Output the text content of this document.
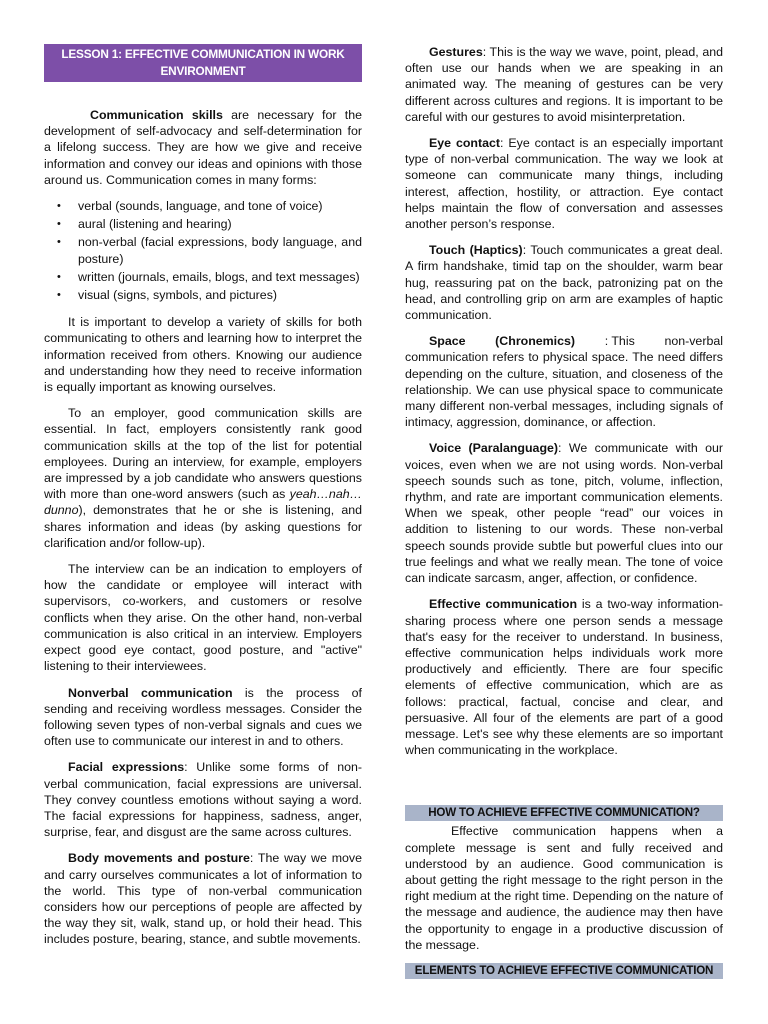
LESSON 1: EFFECTIVE COMMUNICATION IN WORK ENVIRONMENT

Communication skills are necessary for the development of self-advocacy and self-determination for a lifelong success. They are how we give and receive information and convey our ideas and opinions with those around us. Communication comes in many forms:

• verbal (sounds, language, and tone of voice)
• aural (listening and hearing)
• non-verbal (facial expressions, body language, and posture)
• written (journals, emails, blogs, and text messages)
• visual (signs, symbols, and pictures)

It is important to develop a variety of skills for both communicating to others and learning how to interpret the information received from others. Knowing our audience and understanding how they need to receive information is equally important as knowing ourselves.

To an employer, good communication skills are essential. In fact, employers consistently rank good communication skills at the top of the list for potential employees. During an interview, for example, employers are impressed by a job candidate who answers questions with more than one-word answers (such as yeah…nah…dunno), demonstrates that he or she is listening, and shares information and ideas (by asking questions for clarification and/or follow-up).

The interview can be an indication to employers of how the candidate or employee will interact with supervisors, co-workers, and customers or resolve conflicts when they arise. On the other hand, non-verbal communication is also critical in an interview. Employers expect good eye contact, good posture, and "active" listening to their interviewees.

Nonverbal communication is the process of sending and receiving wordless messages. Consider the following seven types of non-verbal signals and cues we often use to communicate our interest in and to others.

Facial expressions: Unlike some forms of non-verbal communication, facial expressions are universal. They convey countless emotions without saying a word. The facial expressions for happiness, sadness, anger, surprise, fear, and disgust are the same across cultures.

Body movements and posture: The way we move and carry ourselves communicates a lot of information to the world. This type of non-verbal communication considers how our perceptions of people are affected by the way they sit, walk, stand up, or hold their head. This includes posture, bearing, stance, and subtle movements.

Gestures: This is the way we wave, point, plead, and often use our hands when we are speaking in an animated way. The meaning of gestures can be very different across cultures and regions. It is important to be careful with our gestures to avoid misinterpretation.

Eye contact: Eye contact is an especially important type of non-verbal communication. The way we look at someone can communicate many things, including interest, affection, hostility, or attraction. Eye contact helps maintain the flow of conversation and assesses another person’s response.

Touch (Haptics): Touch communicates a great deal. A firm handshake, timid tap on the shoulder, warm bear hug, reassuring pat on the back, patronizing pat on the head, and controlling grip on arm are examples of haptic communication.

Space (Chronemics) : This non-verbal
communication refers to physical space. The need differs depending on the culture, situation, and closeness of the relationship. We can use physical space to communicate many different non-verbal messages, including signals of intimacy, aggression, dominance, or affection.

Voice (Paralanguage): We communicate with our voices, even when we are not using words. Non-verbal speech sounds such as tone, pitch, volume, inflection, rhythm, and rate are important communication elements. When we speak, other people “read” our voices in addition to listening to our words. These non-verbal speech sounds provide subtle but powerful clues into our true feelings and what we really mean. The tone of voice can indicate sarcasm, anger, affection, or confidence.

Effective communication is a two-way information-sharing process where one person sends a message that's easy for the receiver to understand. In business, effective communication helps individuals work more productively and efficiently. There are four specific elements of effective communication, which are as follows: practical, factual, concise and clear, and persuasive. All four of the elements are part of a good message. Let's see why these elements are so important when communicating in the workplace.

HOW TO ACHIEVE EFFECTIVE COMMUNICATION?

Effective communication happens when a complete message is sent and fully received and understood by an audience. Good communication is about getting the right message to the right person in the right medium at the right time. Depending on the nature of the message and audience, the audience may then have the opportunity to engage in a productive discussion of the message.

ELEMENTS TO ACHIEVE EFFECTIVE COMMUNICATION
